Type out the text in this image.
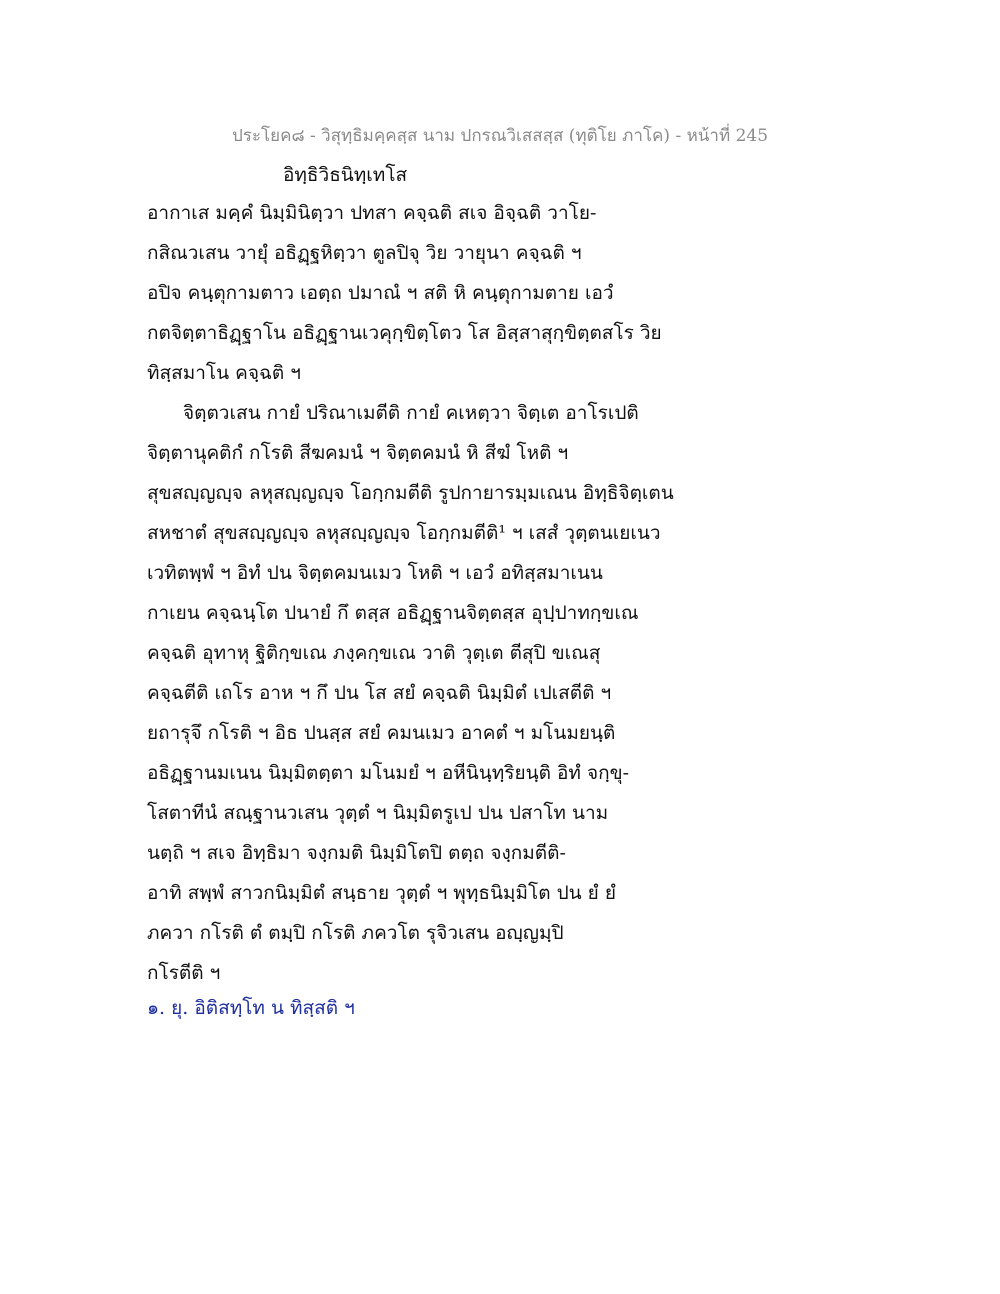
ประโยค๘ - วิสุทฺธิมคฺคสฺส นาม ปกรณวิเสสสฺส (ทุติโย ภาโค) - หน้าที่ 245
อิทฺธิวิธนิทฺเทโส
อากาเส มคฺคํ นิมฺมินิตฺวา ปทสา คจฺฉติ สเจ อิจฺฉติ วาโย-
กสิณวเสน วายุํ อธิฏฺฐหิตฺวา ตูลปิจุ วิย วายุนา คจฺฉติ ฯ
อปิจ คนฺตุกามตาว เอตฺถ ปมาณํ ฯ สติ หิ คนฺตุกามตาย เอวํ
กตจิตฺตาธิฏฺฐาโน อธิฏฺฐานเวคุกฺขิตฺโตว โส อิสฺสาสุกฺขิตฺตสโร วิย
ทิสฺสมาโน คจฺฉติ ฯ
จิตฺตวเสน กายํ ปริณาเมตีติ กายํ คเหตฺวา จิตฺเต อาโรเปติ
จิตฺตานุคติกํ กโรติ สีฆคมนํ ฯ จิตฺตคมนํ หิ สีฆํ โหติ ฯ
สุขสญฺญญฺจ ลหุสญฺญญฺจ โอกฺกมตีติ รูปกายารมฺมเณน อิทฺธิจิตฺเตน
สหชาตํ สุขสญฺญญฺจ ลหุสญฺญญฺจ โอกฺกมตีติ¹ ฯ เสสํ วุตฺตนเยเนว
เวทิตพฺพํ ฯ อิทํ ปน จิตฺตคมนเมว โหติ ฯ เอวํ อทิสฺสมาเนน
กาเยน คจฺฉนฺโต ปนายํ กึ ตสฺส อธิฏฺฐานจิตฺตสฺส อุปฺปาทกฺขเณ
คจฺฉติ อุทาหุ ฐิติกฺขเณ ภงฺคกฺขเณ วาติ วุตฺเต ตีสุปิ ขเณสุ
คจฺฉตีติ เถโร อาห ฯ กึ ปน โส สยํ คจฺฉติ นิมฺมิตํ เปเสตีติ ฯ
ยถารุจึ กโรติ ฯ อิธ ปนสฺส สยํ คมนเมว อาคตํ ฯ มโนมยนฺติ
อธิฏฺฐานมเนน นิมฺมิตตฺตา มโนมยํ ฯ อหีนินฺทฺริยนฺติ อิทํ จกฺขุ-
โสตาทีนํ สณฺฐานวเสน วุตฺตํ ฯ นิมฺมิตรูเป ปน ปสาโท นาม
นตฺถิ ฯ สเจ อิทฺธิมา จงฺกมติ นิมฺมิโตปิ ตตฺถ จงฺกมตีติ-
อาทิ สพฺพํ สาวกนิมฺมิตํ สนฺธาย วุตฺตํ ฯ พุทฺธนิมฺมิโต ปน ยํ ยํ
ภควา กโรติ ตํ ตมฺปิ กโรติ ภควโต รุจิวเสน อญฺญมฺปิ
กโรตีติ ฯ
๑. ยุ. อิติสทฺโท น ทิสฺสติ ฯ
